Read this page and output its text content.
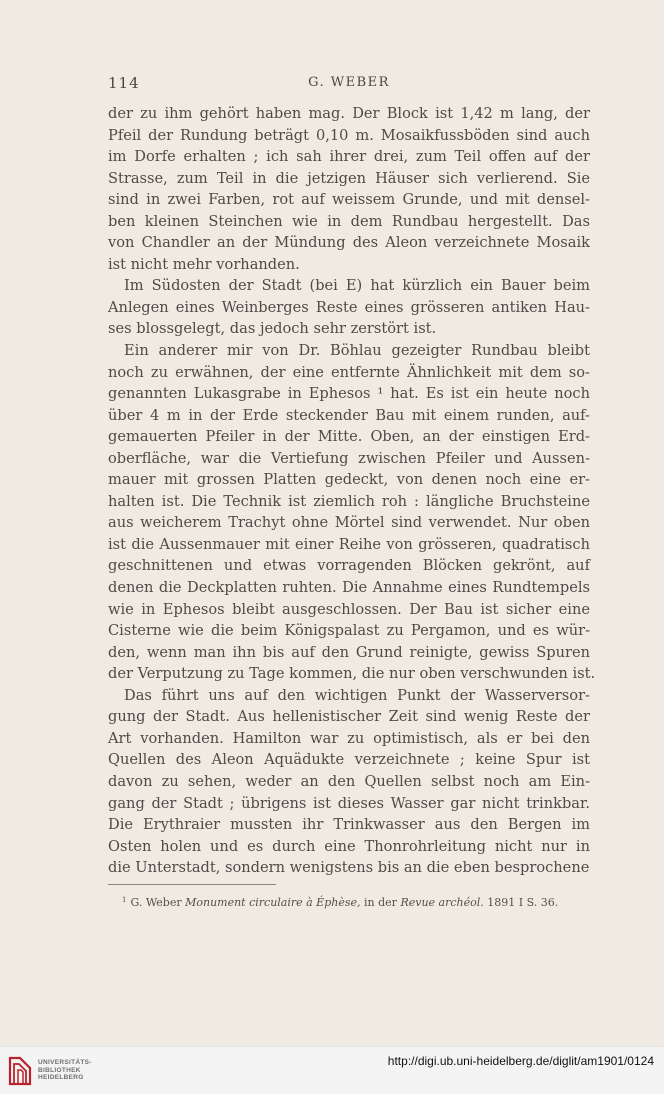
114	G. WEBER
der zu ihm gehört haben mag. Der Block ist 1,42 m lang, der
Pfeil der Rundung beträgt 0,10 m. Mosaikfussböden sind auch
im Dorfe erhalten ; ich sah ihrer drei, zum Teil offen auf der
Strasse, zum Teil in die jetzigen Häuser sich verlierend. Sie
sind in zwei Farben, rot auf weissem Grunde, und mit densel-
ben kleinen Steinchen wie in dem Rundbau hergestellt. Das
von Chandler an der Mündung des Aleon verzeichnete Mosaik
ist nicht mehr vorhanden.
Im Südosten der Stadt (bei E) hat kürzlich ein Bauer beim
Anlegen eines Weinberges Reste eines grösseren antiken Hau-
ses blossgelegt, das jedoch sehr zerstört ist.
Ein anderer mir von Dr. Böhlau gezeigter Rundbau bleibt
noch zu erwähnen, der eine entfernte Ähnlichkeit mit dem so-
genannten Lukasgrabe in Ephesos ¹ hat. Es ist ein heute noch
über 4 m in der Erde steckender Bau mit einem runden, auf-
gemauerten Pfeiler in der Mitte. Oben, an der einstigen Erd-
oberfläche, war die Vertiefung zwischen Pfeiler und Aussen-
mauer mit grossen Platten gedeckt, von denen noch eine er-
halten ist. Die Technik ist ziemlich roh : längliche Bruchsteine
aus weicherem Trachyt ohne Mörtel sind verwendet. Nur oben
ist die Aussenmauer mit einer Reihe von grösseren, quadratisch
geschnittenen und etwas vorragenden Blöcken gekrönt, auf
denen die Deckplatten ruhten. Die Annahme eines Rundtempels
wie in Ephesos bleibt ausgeschlossen. Der Bau ist sicher eine
Cisterne wie die beim Königspalast zu Pergamon, und es wür-
den, wenn man ihn bis auf den Grund reinigte, gewiss Spuren
der Verputzung zu Tage kommen, die nur oben verschwunden ist.
Das führt uns auf den wichtigen Punkt der Wasserversor-
gung der Stadt. Aus hellenistischer Zeit sind wenig Reste der
Art vorhanden. Hamilton war zu optimistisch, als er bei den
Quellen des Aleon Aquädukte verzeichnete ; keine Spur ist
davon zu sehen, weder an den Quellen selbst noch am Ein-
gang der Stadt ; übrigens ist dieses Wasser gar nicht trinkbar.
Die Erythraier mussten ihr Trinkwasser aus den Bergen im
Osten holen und es durch eine Thonrohrleitung nicht nur in
die Unterstadt, sondern wenigstens bis an die eben besprochene
$^1$ G. Weber Monument circulaire à Éphèse, in der Revue archéol. 1891 I S. 36.
UNIVERSITÄTS-
BIBLIOTHEK
HEIDELBERG
http://digi.ub.uni-heidelberg.de/diglit/am1901/0124
